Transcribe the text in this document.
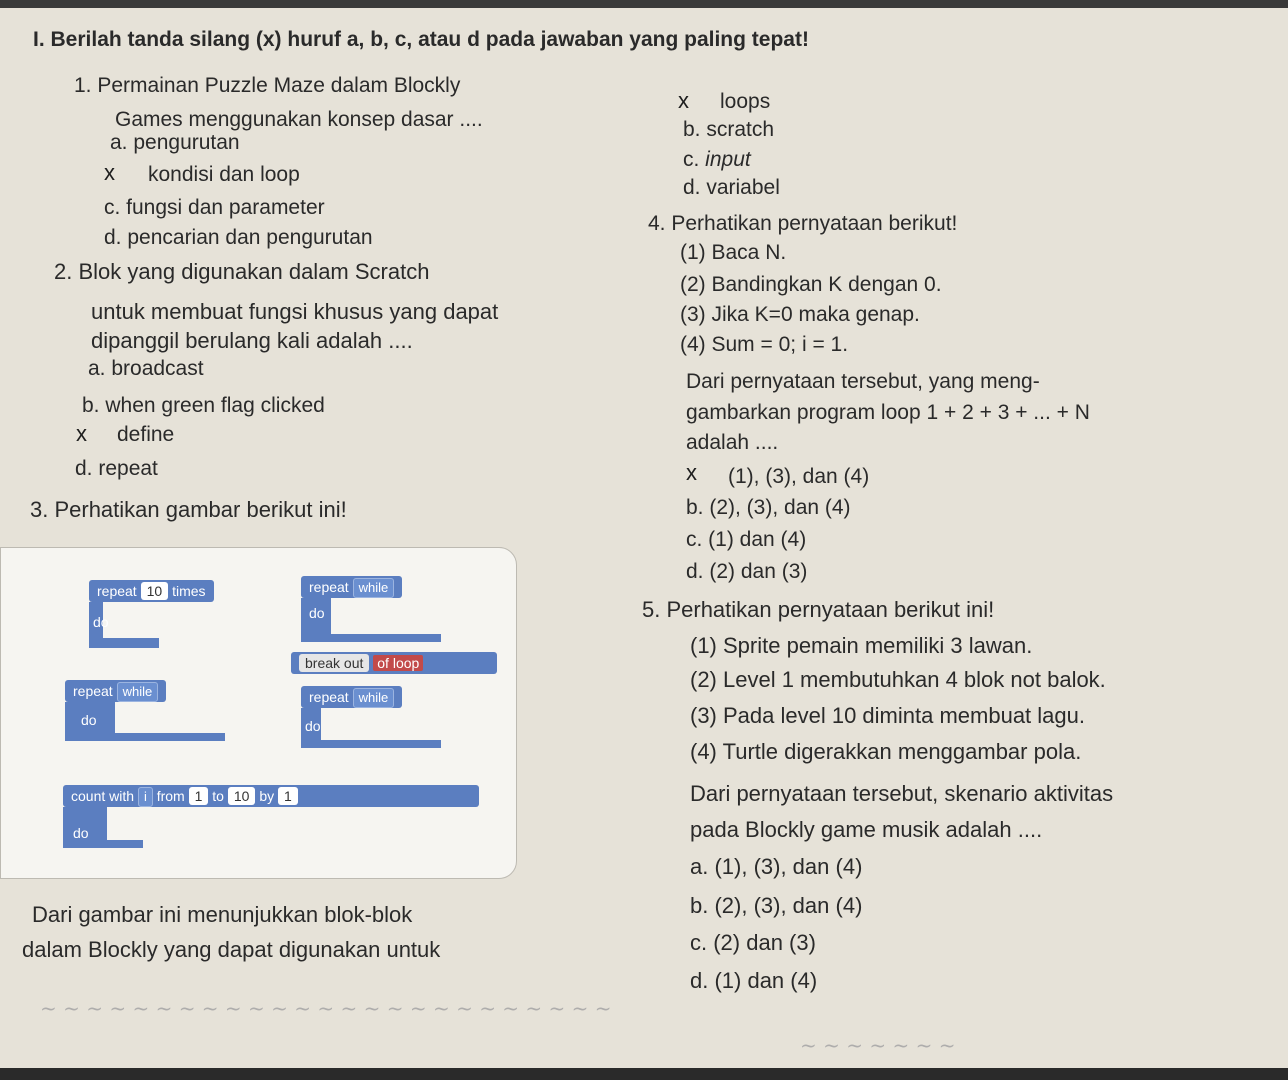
~ ~ ~ ~ ~ ~ ~ ~ ~ ~ ~ ~ ~ ~ ~ ~ ~ ~ ~ ~ ~ ~ ~ ~ ~
~ ~ ~ ~ ~ ~ ~
I. Berilah tanda silang (x) huruf a, b, c, atau d pada jawaban yang paling tepat!
1. Permainan Puzzle Maze dalam Blockly
Games menggunakan konsep dasar ....
a. pengurutan
x kondisi dan loop
c. fungsi dan parameter
d. pencarian dan pengurutan
2. Blok yang digunakan dalam Scratch
untuk membuat fungsi khusus yang dapat
dipanggil berulang kali adalah ....
a. broadcast
b. when green flag clicked
x define
d. repeat
3. Perhatikan gambar berikut ini!
repeat 10 times
do
repeat while
do
break out of loop
repeat while
do
repeat while
do
count with i from 1 to 10 by 1
do
Dari gambar ini menunjukkan blok-blok
dalam Blockly yang dapat digunakan untuk
x loops
b. scratch
c. input
d. variabel
4. Perhatikan pernyataan berikut!
(1) Baca N.
(2) Bandingkan K dengan 0.
(3) Jika K=0 maka genap.
(4) Sum = 0; i = 1.
Dari pernyataan tersebut, yang meng-
gambarkan program loop 1 + 2 + 3 + ... + N
adalah ....
x (1), (3), dan (4)
b. (2), (3), dan (4)
c. (1) dan (4)
d. (2) dan (3)
5. Perhatikan pernyataan berikut ini!
(1) Sprite pemain memiliki 3 lawan.
(2) Level 1 membutuhkan 4 blok not balok.
(3) Pada level 10 diminta membuat lagu.
(4) Turtle digerakkan menggambar pola.
Dari pernyataan tersebut, skenario aktivitas
pada Blockly game musik adalah ....
a. (1), (3), dan (4)
b. (2), (3), dan (4)
c. (2) dan (3)
d. (1) dan (4)
